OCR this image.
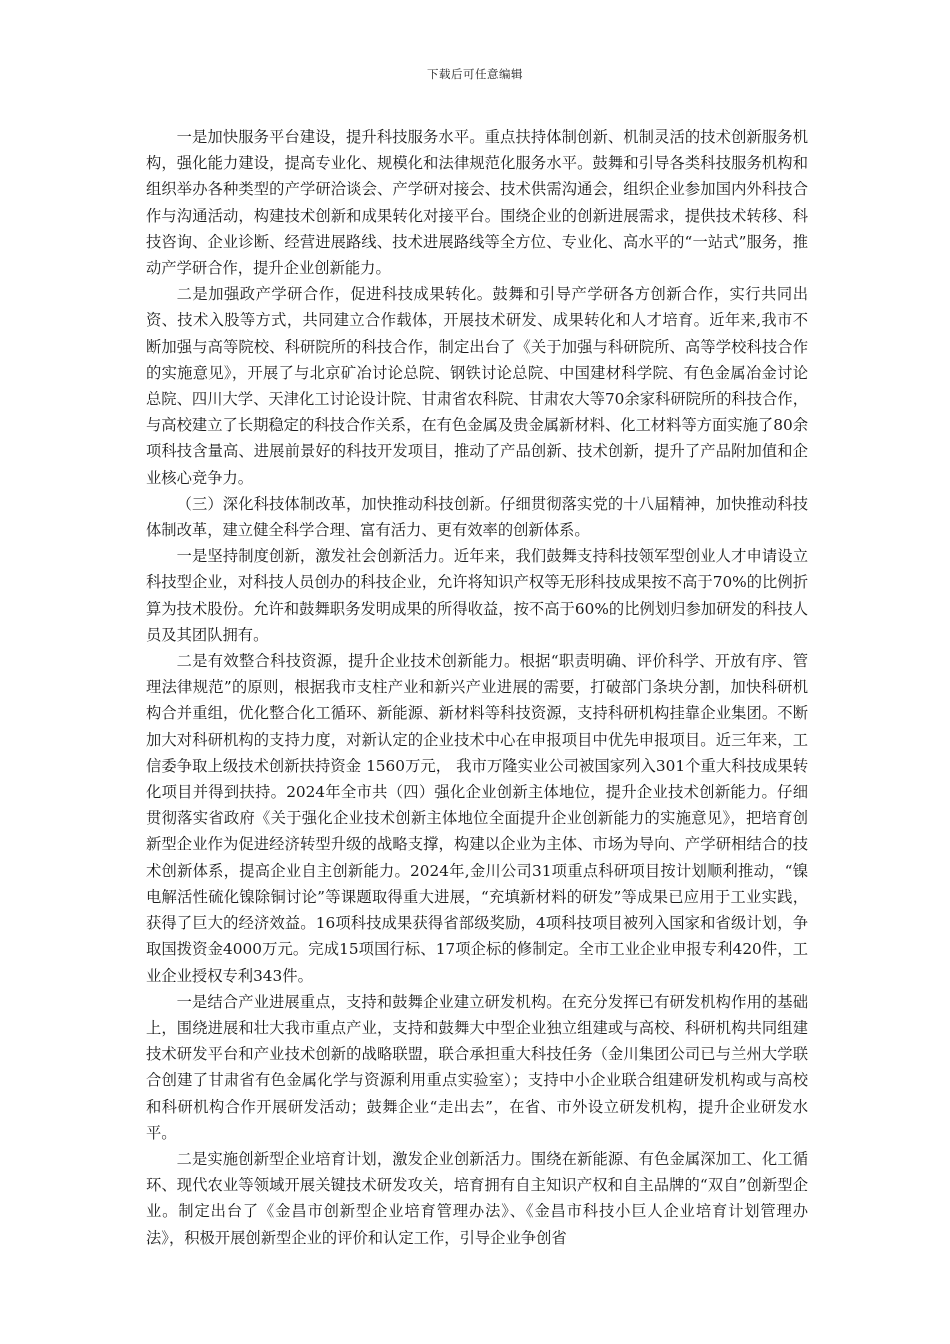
下载后可任意编辑

一是加快服务平台建设，提升科技服务水平。重点扶持体制创新、机制灵活的技术创新服务机构，强化能力建设，提高专业化、规模化和法律规范化服务水平。鼓舞和引导各类科技服务机构和组织举办各种类型的产学研洽谈会、产学研对接会、技术供需沟通会，组织企业参加国内外科技合作与沟通活动，构建技术创新和成果转化对接平台。围绕企业的创新进展需求，提供技术转移、科技咨询、企业诊断、经营进展路线、技术进展路线等全方位、专业化、高水平的“一站式”服务，推动产学研合作，提升企业创新能力。

二是加强政产学研合作，促进科技成果转化。鼓舞和引导产学研各方创新合作，实行共同出资、技术入股等方式，共同建立合作载体，开展技术研发、成果转化和人才培育。近年来,我市不断加强与高等院校、科研院所的科技合作，制定出台了《关于加强与科研院所、高等学校科技合作的实施意见》，开展了与北京矿冶讨论总院、钢铁讨论总院、中国建材科学院、有色金属冶金讨论总院、四川大学、天津化工讨论设计院、甘肃省农科院、甘肃农大等70余家科研院所的科技合作，与高校建立了长期稳定的科技合作关系，在有色金属及贵金属新材料、化工材料等方面实施了80余项科技含量高、进展前景好的科技开发项目，推动了产品创新、技术创新，提升了产品附加值和企业核心竞争力。

（三）深化科技体制改革，加快推动科技创新。仔细贯彻落实党的十八届精神，加快推动科技体制改革，建立健全科学合理、富有活力、更有效率的创新体系。

一是坚持制度创新，激发社会创新活力。近年来，我们鼓舞支持科技领军型创业人才申请设立科技型企业，对科技人员创办的科技企业，允许将知识产权等无形科技成果按不高于70%的比例折算为技术股份。允许和鼓舞职务发明成果的所得收益，按不高于60%的比例划归参加研发的科技人员及其团队拥有。

二是有效整合科技资源，提升企业技术创新能力。根据“职责明确、评价科学、开放有序、管理法律规范”的原则，根据我市支柱产业和新兴产业进展的需要，打破部门条块分割，加快科研机构合并重组，优化整合化工循环、新能源、新材料等科技资源，支持科研机构挂靠企业集团。不断加大对科研机构的支持力度，对新认定的企业技术中心在申报项目中优先申报项目。近三年来，工信委争取上级技术创新扶持资金 1560万元， 我市万隆实业公司被国家列入301个重大科技成果转化项目并得到扶持。2024年全市共（四）强化企业创新主体地位，提升企业技术创新能力。仔细贯彻落实省政府《关于强化企业技术创新主体地位全面提升企业创新能力的实施意见》，把培育创新型企业作为促进经济转型升级的战略支撑，构建以企业为主体、市场为导向、产学研相结合的技术创新体系，提高企业自主创新能力。2024年,金川公司31项重点科研项目按计划顺利推动，“镍电解活性硫化镍除铜讨论”等课题取得重大进展，“充填新材料的研发”等成果已应用于工业实践，获得了巨大的经济效益。16项科技成果获得省部级奖励，4项科技项目被列入国家和省级计划，争取国拨资金4000万元。完成15项国行标、17项企标的修制定。全市工业企业申报专利420件，工业企业授权专利343件。

一是结合产业进展重点，支持和鼓舞企业建立研发机构。在充分发挥已有研发机构作用的基础上，围绕进展和壮大我市重点产业，支持和鼓舞大中型企业独立组建或与高校、科研机构共同组建技术研发平台和产业技术创新的战略联盟，联合承担重大科技任务（金川集团公司已与兰州大学联合创建了甘肃省有色金属化学与资源利用重点实验室）；支持中小企业联合组建研发机构或与高校和科研机构合作开展研发活动；鼓舞企业“走出去”，在省、市外设立研发机构，提升企业研发水平。

二是实施创新型企业培育计划，激发企业创新活力。围绕在新能源、有色金属深加工、化工循环、现代农业等领域开展关键技术研发攻关，培育拥有自主知识产权和自主品牌的“双自”创新型企业。制定出台了《金昌市创新型企业培育管理办法》、《金昌市科技小巨人企业培育计划管理办法》，积极开展创新型企业的评价和认定工作，引导企业争创省
